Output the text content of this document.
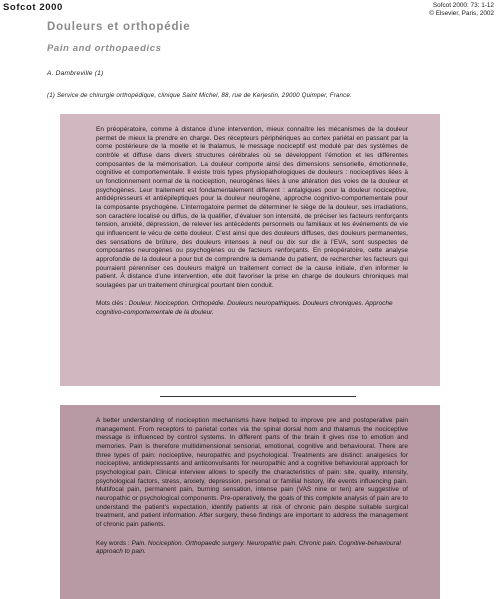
Sofcot 2000	Sofcot 2000: 73: 1-12
© Elsevier, Paris, 2002
Douleurs et orthopédie
Pain and orthopaedics
A. Dambreville (1)
(1) Service de chirurgie orthopédique, clinique Saint Michel, 88, rue de Kerjestin, 29000 Quimper, France.

En préopératoire, comme à distance d’une intervention, mieux connaître les mécanismes de la douleur permet de mieux la prendre en charge. Des récepteurs périphériques au cortex pariétal en passant par la corne postérieure de la moelle et le thalamus, le message nociceptif est modulé par des systèmes de contrôle et diffuse dans divers structures cérébrales où se développent l’émotion et les différentes composantes de la mémorisation. La douleur comporte ainsi des dimensions sensorielle, émotionnelle, cognitive et comportementale. Il existe trois types physiopathologiques de douleurs : nociceptives liées à un fonctionnement normal de la nociception, neurogènes liées à une altération des voies de la douleur et psychogènes. Leur traitement est fondamentalement different : antalgiques pour la douleur nociceptive, antidépresseurs et antiépileptiques pour la douleur neurogène, approche cognitivo-comportementale pour la composante psychogène. L’interrogatoire permet de déterminer le siège de la douleur, ses irradiations, son caractère localisé ou diffus, de la qualifier, d’évaluer son intensité, de préciser les facteurs renforçants tension, anxiété, dépression, de relever les antécédents personnels ou familiaux et les événements de vie qui influencent le vécu de cette douleur. C’est ainsi que des douleurs diffuses, des douleurs permanentes, des sensations de brûlure, des douleurs intenses à neuf ou dix sur dix à l’EVA, sont suspectes de composantes neurogènes ou psychogènes ou de facteurs renforçants. En préopératoire, cette analyse approfondie de la douleur a pour but de comprendre la demande du patient, de rechercher les facteurs qui pourraient pérenniser ces douleurs malgré un traitement correct de la cause initiale, d’en informer le patient. À distance d’une intervention, elle doit favoriser la prise en charge de douleurs chroniques mal soulagées par un traitement chirurgical pourtant bien conduit.

Mots clés : Douleur. Nociception. Orthopédie. Douleurs neuropathiques. Douleurs chroniques. Approche cognitivo-comportementale de la douleur.

A better understanding of nociception mechanisms have helped to improve pre and postoperative pain management. From receptors to parietal cortex via the spinal dorsal horn and thalamus the nociceptive message is influenced by control systems. In different parts of the brain it gives rise to emotion and memories. Pain is therefore multidimensional sensorial, emotional, cognitive and behavioural. There are three types of pain: nociceptive, neuropathic and psychological. Treatments are distinct: analgesics for nociceptive, antidepressants and anticonvulsants for neuropathic and a cognitive behavioural approach for psychological pain. Clinical interview allows to specify the characteristics of pain: site, quality, intensity, psychological factors, stress, anxiety, depression, personal or familial history, life events influencing pain. Multifocal pain, permanent pain, burning sensation, intense pain (VAS nine or ten) are suggestive of neuropathic or psychological components. Pre-operatively, the goals of this complete analysis of pain are to understand the patient’s expectation, identify patients at risk of chronic pain despite suitable surgical treatment, and patient information. After surgery, these findings are important to address the management of chronic pain patients.

Key words : Pain. Nociception. Orthopaedic surgery. Neuropathic pain. Chronic pain. Cognitive-behavioural approach to pain.
